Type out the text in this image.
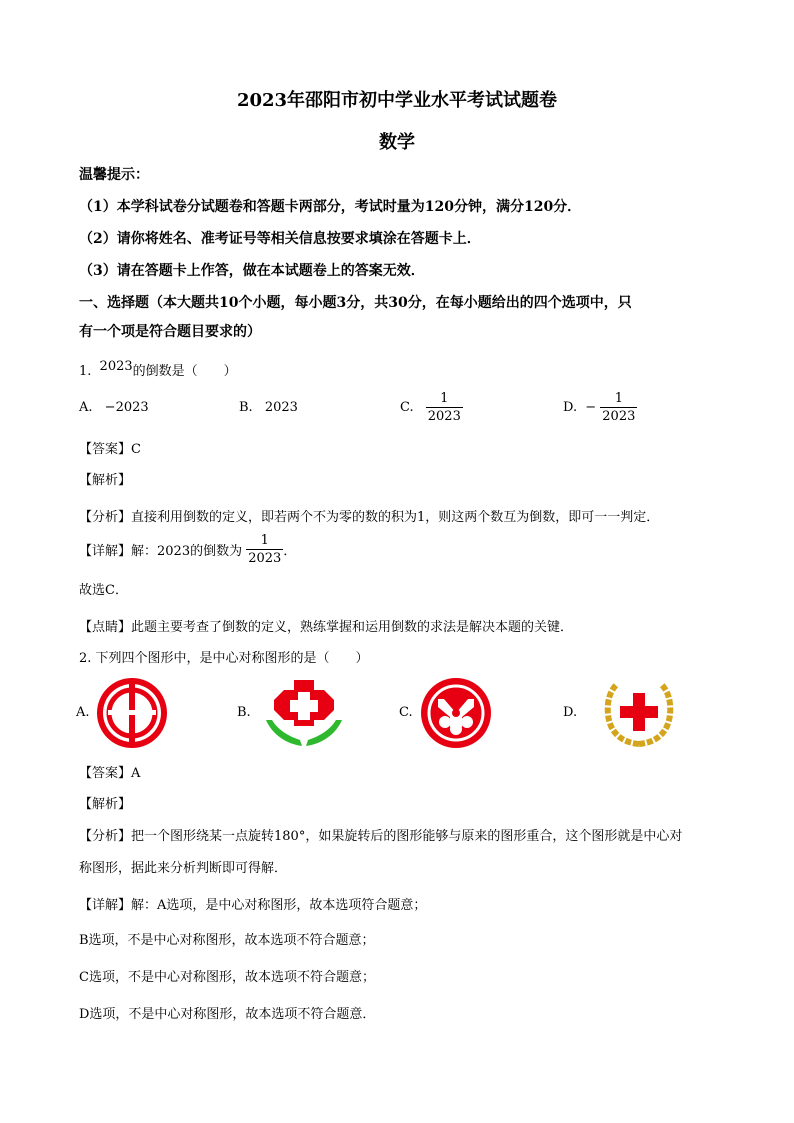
2023年邵阳市初中学业水平考试试题卷
数学
温馨提示：
（1）本学科试卷分试题卷和答题卡两部分，考试时量为120分钟，满分120分．
（2）请你将姓名、准考证号等相关信息按要求填涂在答题卡上．
（3）请在答题卡上作答，做在本试题卷上的答案无效．
一、选择题（本大题共10个小题，每小题3分，共30分，在每小题给出的四个选项中，只
有一个项是符合题目要求的）
1. 2023的倒数是（　　）
A. −2023	B. 2023	C. $\frac{1}{2023}$	D. − $\frac{1}{2023}$
【答案】C
【解析】
【分析】直接利用倒数的定义，即若两个不为零的数的积为1，则这两个数互为倒数，即可一一判定．
【详解】解：2023的倒数为 $\frac{1}{2023}$ ．
故选C．
【点睛】此题主要考查了倒数的定义，熟练掌握和运用倒数的求法是解决本题的关键．
2. 下列四个图形中，是中心对称图形的是（　　）
A.	B.	C.	D.
【答案】A
【解析】
【分析】把一个图形绕某一点旋转180°，如果旋转后的图形能够与原来的图形重合，这个图形就是中心对
称图形，据此来分析判断即可得解．
【详解】解：A选项，是中心对称图形，故本选项符合题意；
B选项，不是中心对称图形，故本选项不符合题意；
C选项，不是中心对称图形，故本选项不符合题意；
D选项，不是中心对称图形，故本选项不符合题意．
